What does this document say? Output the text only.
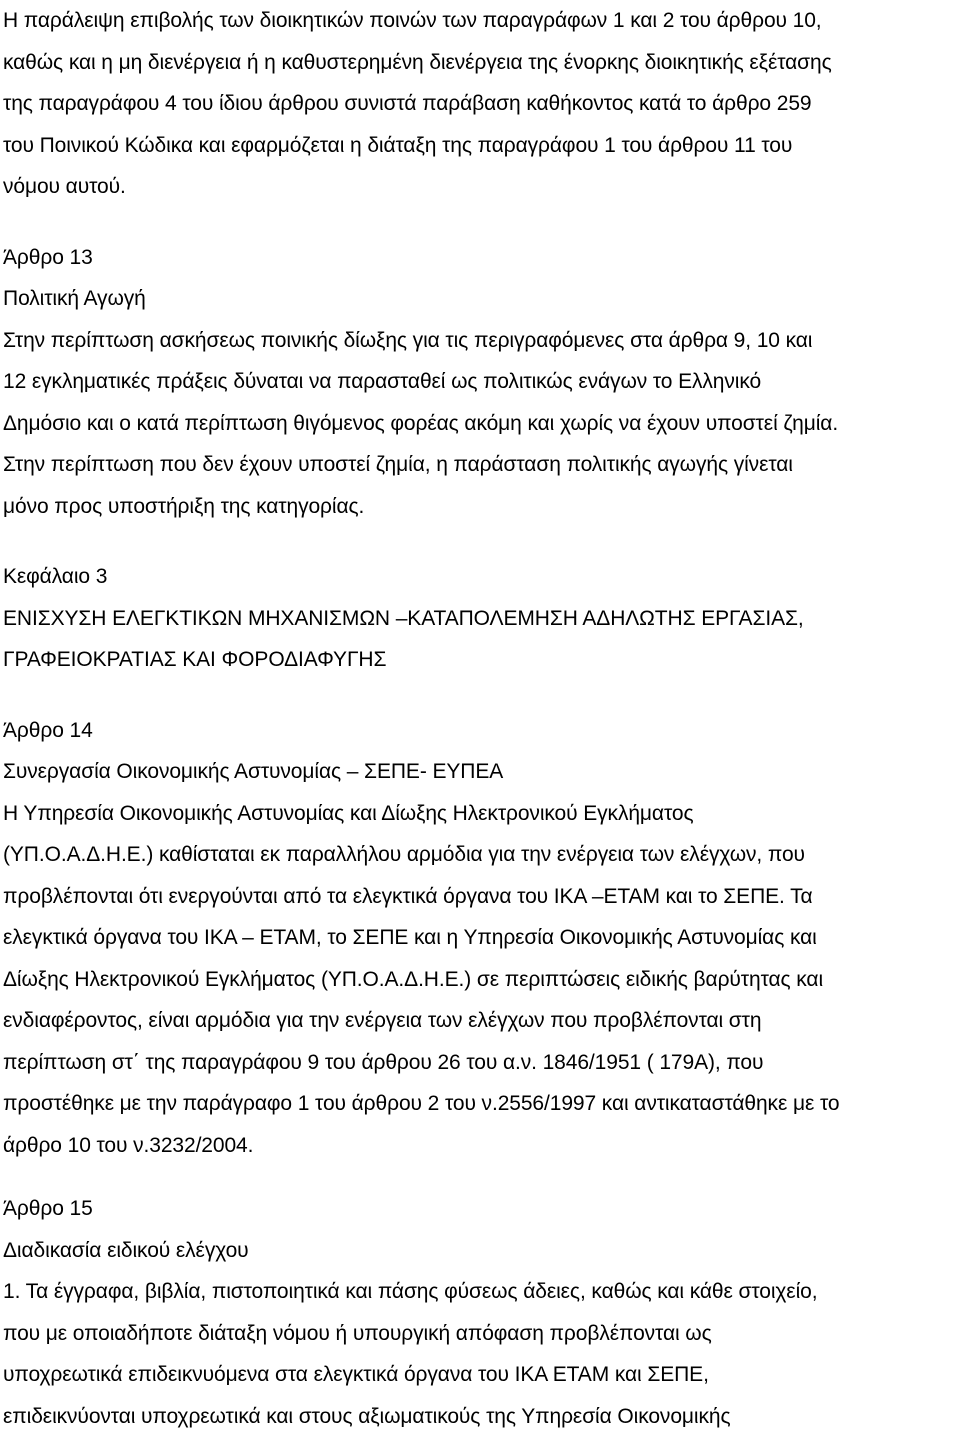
Η παράλειψη επιβολής των διοικητικών ποινών των παραγράφων 1 και 2 του άρθρου 10,
καθώς και η μη διενέργεια ή η καθυστερημένη διενέργεια της ένορκης διοικητικής εξέτασης
της παραγράφου 4 του ίδιου άρθρου συνιστά παράβαση καθήκοντος κατά το άρθρο 259
του Ποινικού Κώδικα και εφαρμόζεται η διάταξη της παραγράφου 1 του άρθρου 11 του
νόμου αυτού.
Άρθρο 13
Πολιτική Αγωγή
Στην περίπτωση ασκήσεως ποινικής δίωξης για τις περιγραφόμενες στα άρθρα 9, 10 και
12 εγκληματικές πράξεις δύναται να παρασταθεί ως πολιτικώς ενάγων το Ελληνικό
Δημόσιο και ο κατά περίπτωση θιγόμενος φορέας ακόμη και χωρίς να έχουν υποστεί ζημία.
Στην περίπτωση που δεν έχουν υποστεί ζημία, η παράσταση πολιτικής αγωγής γίνεται
μόνο προς υποστήριξη της κατηγορίας.
Κεφάλαιο 3
ΕΝΙΣΧΥΣΗ ΕΛΕΓΚΤΙΚΩΝ ΜΗΧΑΝΙΣΜΩΝ –ΚΑΤΑΠΟΛΕΜΗΣΗ ΑΔΗΛΩΤΗΣ ΕΡΓΑΣΙΑΣ,
ΓΡΑΦΕΙΟΚΡΑΤΙΑΣ ΚΑΙ ΦΟΡΟΔΙΑΦΥΓΗΣ
Άρθρο 14
Συνεργασία Οικονομικής Αστυνομίας – ΣΕΠΕ- ΕΥΠΕΑ
Η Υπηρεσία Οικονομικής Αστυνομίας και Δίωξης Ηλεκτρονικού Εγκλήματος
(ΥΠ.Ο.Α.Δ.Η.Ε.) καθίσταται εκ παραλλήλου αρμόδια για την ενέργεια των ελέγχων, που
προβλέπονται ότι ενεργούνται από τα ελεγκτικά όργανα του ΙΚΑ –ΕΤΑΜ και το ΣΕΠΕ. Τα
ελεγκτικά όργανα του ΙΚΑ – ΕΤΑΜ, το ΣΕΠΕ και η Υπηρεσία Οικονομικής Αστυνομίας και
Δίωξης Ηλεκτρονικού Εγκλήματος (ΥΠ.Ο.Α.Δ.Η.Ε.) σε περιπτώσεις ειδικής βαρύτητας και
ενδιαφέροντος, είναι αρμόδια για την ενέργεια των ελέγχων που προβλέπονται στη
περίπτωση στ΄ της παραγράφου 9 του άρθρου 26 του α.ν. 1846/1951 ( 179Α), που
προστέθηκε με την παράγραφο 1 του άρθρου 2 του ν.2556/1997 και αντικαταστάθηκε με το
άρθρο 10 του ν.3232/2004.
Άρθρο 15
Διαδικασία ειδικού ελέγχου
1. Τα έγγραφα, βιβλία, πιστοποιητικά και πάσης φύσεως άδειες, καθώς και κάθε στοιχείο,
που με οποιαδήποτε διάταξη νόμου ή υπουργική απόφαση προβλέπονται ως
υποχρεωτικά επιδεικνυόμενα στα ελεγκτικά όργανα του ΙΚΑ ΕΤΑΜ και ΣΕΠΕ,
επιδεικνύονται υποχρεωτικά και στους αξιωματικούς της Υπηρεσία Οικονομικής
